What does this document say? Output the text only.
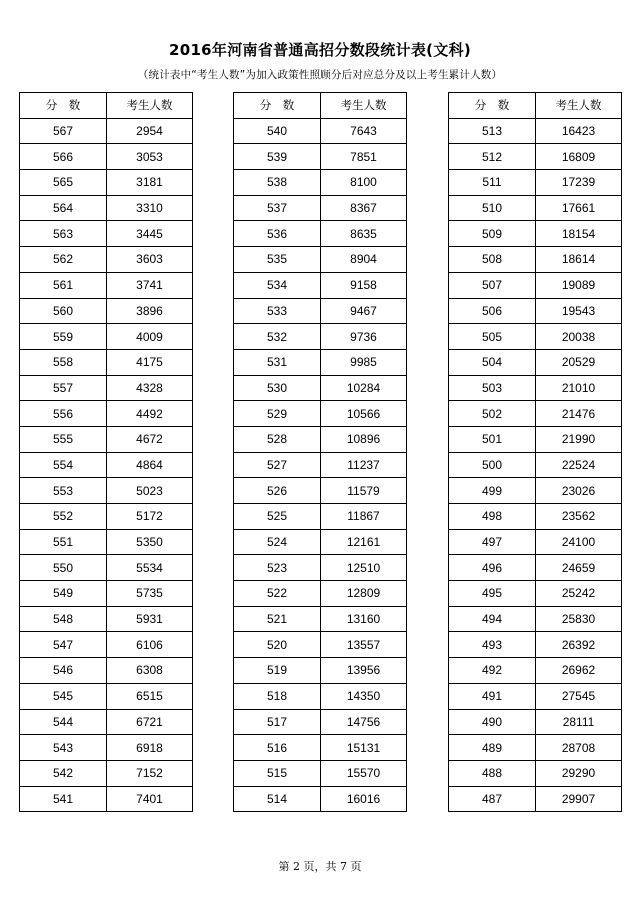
2016年河南省普通高招分数段统计表(文科)
（统计表中“考生人数”为加入政策性照顾分后对应总分及以上考生累计人数）
分　数	考生人数
567	2954
566	3053
565	3181
564	3310
563	3445
562	3603
561	3741
560	3896
559	4009
558	4175
557	4328
556	4492
555	4672
554	4864
553	5023
552	5172
551	5350
550	5534
549	5735
548	5931
547	6106
546	6308
545	6515
544	6721
543	6918
542	7152
541	7401
分　数	考生人数
540	7643
539	7851
538	8100
537	8367
536	8635
535	8904
534	9158
533	9467
532	9736
531	9985
530	10284
529	10566
528	10896
527	11237
526	11579
525	11867
524	12161
523	12510
522	12809
521	13160
520	13557
519	13956
518	14350
517	14756
516	15131
515	15570
514	16016
分　数	考生人数
513	16423
512	16809
511	17239
510	17661
509	18154
508	18614
507	19089
506	19543
505	20038
504	20529
503	21010
502	21476
501	21990
500	22524
499	23026
498	23562
497	24100
496	24659
495	25242
494	25830
493	26392
492	26962
491	27545
490	28111
489	28708
488	29290
487	29907
第 2 页，共 7 页
